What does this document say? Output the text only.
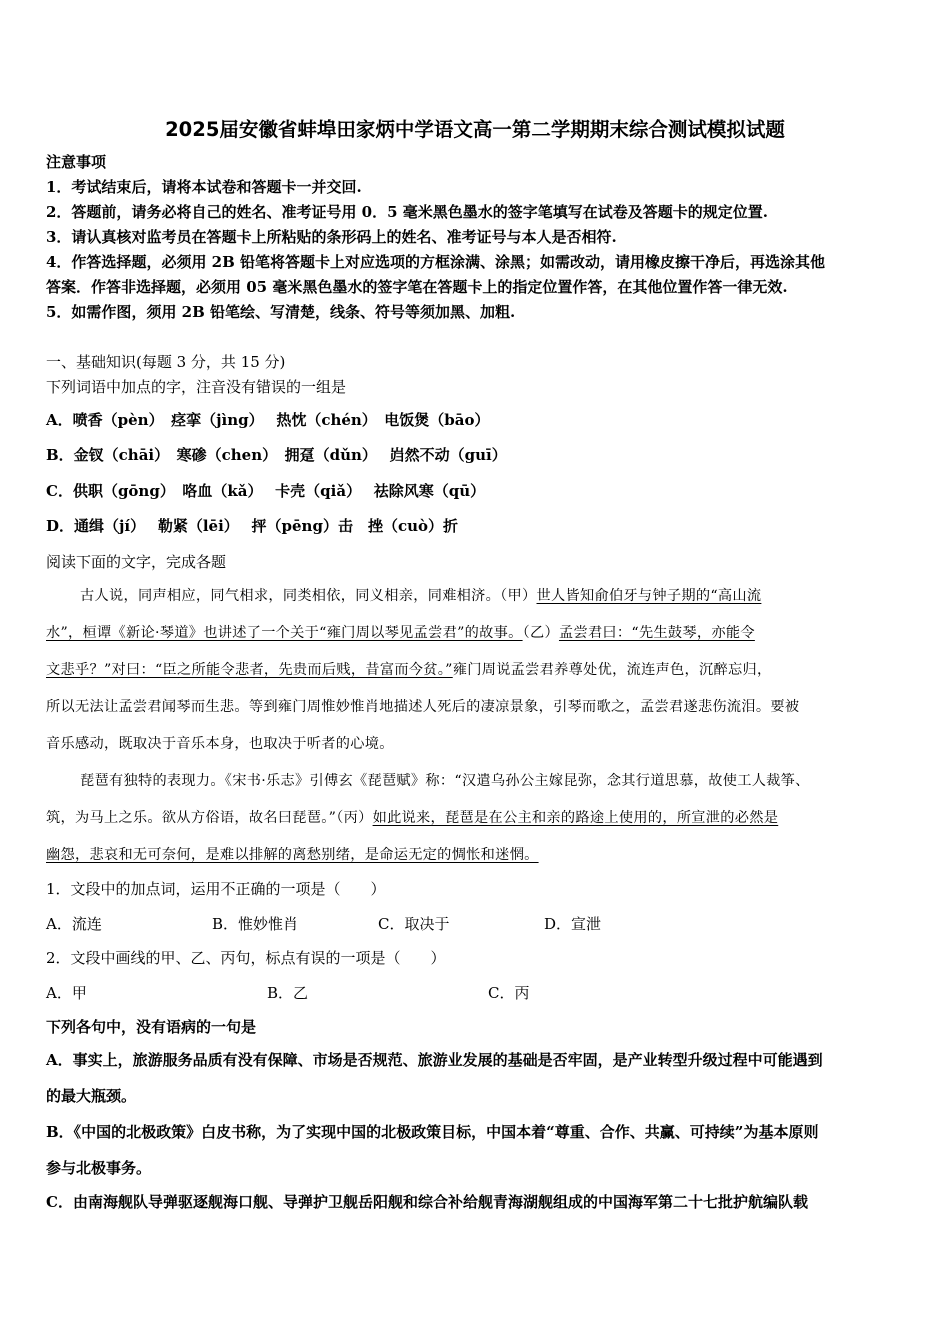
2025届安徽省蚌埠田家炳中学语文高一第二学期期末综合测试模拟试题
注意事项
1．考试结束后，请将本试卷和答题卡一并交回.
2．答题前，请务必将自己的姓名、准考证号用 0．5 毫米黑色墨水的签字笔填写在试卷及答题卡的规定位置.
3．请认真核对监考员在答题卡上所粘贴的条形码上的姓名、准考证号与本人是否相符.
4．作答选择题，必须用 2B 铅笔将答题卡上对应选项的方框涂满、涂黑；如需改动，请用橡皮擦干净后，再选涂其他
答案．作答非选择题，必须用 05 毫米黑色墨水的签字笔在答题卡上的指定位置作答，在其他位置作答一律无效.
5．如需作图，须用 2B 铅笔绘、写清楚，线条、符号等须加黑、加粗.
一、基础知识(每题 3 分，共 15 分)
下列词语中加点的字，注音没有错误的一组是
A．喷香（pèn）　痉挛（jìng）　 热忱（chén）　电饭煲（bāo）
B．金钗（chāi）　寒碜（chen）　拥趸（dǔn）　 岿然不动（guī）
C．供职（gōng）　咯血（kǎ）　 卡壳（qiǎ）　 祛除风寒（qū）
D．通缉（jí）　 勒紧（lēi）　 抨（pēng）击　挫（cuò）折
阅读下面的文字，完成各题
古人说，同声相应，同气相求，同类相依，同义相亲，同难相济。（甲）世人皆知俞伯牙与钟子期的“高山流
水”，桓谭《新论·琴道》也讲述了一个关于“雍门周以琴见孟尝君”的故事。（乙）孟尝君曰：“先生鼓琴，亦能令
文悲乎？”对曰：“臣之所能令悲者，先贵而后贱，昔富而今贫。”雍门周说孟尝君养尊处优，流连声色，沉醉忘归，
所以无法让孟尝君闻琴而生悲。等到雍门周惟妙惟肖地描述人死后的凄凉景象，引琴而歌之，孟尝君遂悲伤流泪。要被
音乐感动，既取决于音乐本身，也取决于听者的心境。
琵琶有独特的表现力。《宋书·乐志》引傅玄《琵琶赋》称：“汉遣乌孙公主嫁昆弥，念其行道思慕，故使工人裁筝、
筑，为马上之乐。欲从方俗语，故名曰琵琶。”（丙）如此说来，琵琶是在公主和亲的路途上使用的，所宣泄的必然是
幽怨，悲哀和无可奈何，是难以排解的离愁别绪，是命运无定的惆怅和迷惘。
1．文段中的加点词，运用不正确的一项是（　　）
A．流连	B．惟妙惟肖	C．取决于	D．宣泄
2．文段中画线的甲、乙、丙句，标点有误的一项是（　　）
A．甲	B．乙	C．丙
下列各句中，没有语病的一句是
A．事实上，旅游服务品质有没有保障、市场是否规范、旅游业发展的基础是否牢固，是产业转型升级过程中可能遇到
的最大瓶颈。
B．《中国的北极政策》白皮书称，为了实现中国的北极政策目标，中国本着“尊重、合作、共赢、可持续”为基本原则
参与北极事务。
C．由南海舰队导弹驱逐舰海口舰、导弹护卫舰岳阳舰和综合补给舰青海湖舰组成的中国海军第二十七批护航编队载
